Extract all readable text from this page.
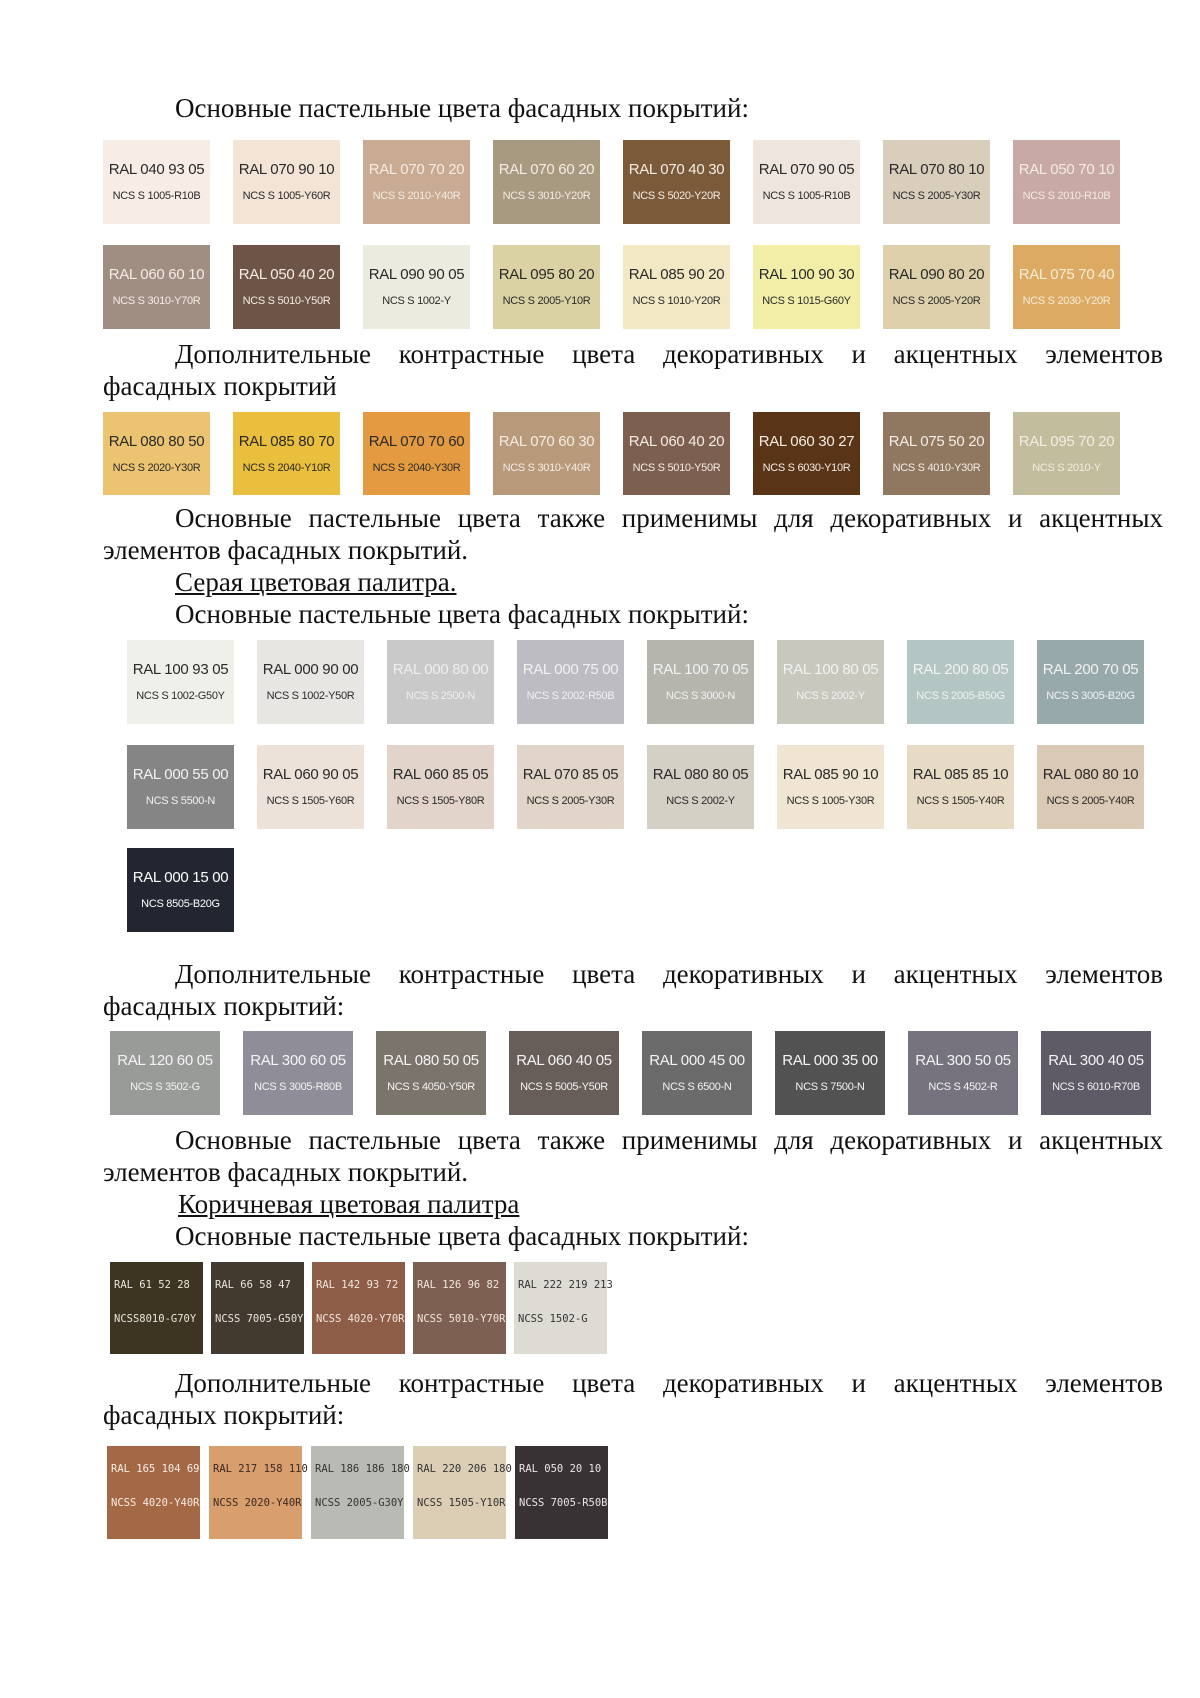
Основные пастельные цвета фасадных покрытий:

RAL 040 93 05
NCS S 1005-R10B
RAL 070 90 10
NCS S 1005-Y60R
RAL 070 70 20
NCS S 2010-Y40R
RAL 070 60 20
NCS S 3010-Y20R
RAL 070 40 30
NCS S 5020-Y20R
RAL 070 90 05
NCS S 1005-R10B
RAL 070 80 10
NCS S 2005-Y30R
RAL 050 70 10
NCS S 2010-R10B
RAL 060 60 10
NCS S 3010-Y70R
RAL 050 40 20
NCS S 5010-Y50R
RAL 090 90 05
NCS S 1002-Y
RAL 095 80 20
NCS S 2005-Y10R
RAL 085 90 20
NCS S 1010-Y20R
RAL 100 90 30
NCS S 1015-G60Y
RAL 090 80 20
NCS S 2005-Y20R
RAL 075 70 40
NCS S 2030-Y20R

Дополнительные контрастные цвета декоративных и акцентных элементов

фасадных покрытий

RAL 080 80 50
NCS S 2020-Y30R
RAL 085 80 70
NCS S 2040-Y10R
RAL 070 70 60
NCS S 2040-Y30R
RAL 070 60 30
NCS S 3010-Y40R
RAL 060 40 20
NCS S 5010-Y50R
RAL 060 30 27
NCS S 6030-Y10R
RAL 075 50 20
NCS S 4010-Y30R
RAL 095 70 20
NCS S 2010-Y

Основные пастельные цвета также применимы для декоративных и акцентных

элементов фасадных покрытий.

Серая цветовая палитра.

Основные пастельные цвета фасадных покрытий:

RAL 100 93 05
NCS S 1002-G50Y
RAL 000 90 00
NCS S 1002-Y50R
RAL 000 80 00
NCS S 2500-N
RAL 000 75 00
NCS S 2002-R50B
RAL 100 70 05
NCS S 3000-N
RAL 100 80 05
NCS S 2002-Y
RAL 200 80 05
NCS S 2005-B50G
RAL 200 70 05
NCS S 3005-B20G
RAL 000 55 00
NCS S 5500-N
RAL 060 90 05
NCS S 1505-Y60R
RAL 060 85 05
NCS S 1505-Y80R
RAL 070 85 05
NCS S 2005-Y30R
RAL 080 80 05
NCS S 2002-Y
RAL 085 90 10
NCS S 1005-Y30R
RAL 085 85 10
NCS S 1505-Y40R
RAL 080 80 10
NCS S 2005-Y40R
RAL 000 15 00
NCS 8505-B20G

Дополнительные контрастные цвета декоративных и акцентных элементов

фасадных покрытий:

RAL 120 60 05
NCS S 3502-G
RAL 300 60 05
NCS S 3005-R80B
RAL 080 50 05
NCS S 4050-Y50R
RAL 060 40 05
NCS S 5005-Y50R
RAL 000 45 00
NCS S 6500-N
RAL 000 35 00
NCS S 7500-N
RAL 300 50 05
NCS S 4502-R
RAL 300 40 05
NCS S 6010-R70B

Основные пастельные цвета также применимы для декоративных и акцентных

элементов фасадных покрытий.

Коричневая цветовая палитра

Основные пастельные цвета фасадных покрытий:

RAL 61 52 28
NCSS8010-G70Y
RAL 66 58 47
NCSS 7005-G50Y
RAL 142 93 72
NCSS 4020-Y70R
RAL 126 96 82
NCSS 5010-Y70R
RAL 222 219 213
NCSS 1502-G

Дополнительные контрастные цвета декоративных и акцентных элементов

фасадных покрытий:

RAL 165 104 69
NCSS 4020-Y40R
RAL 217 158 110
NCSS 2020-Y40R
RAL 186 186 180
NCSS 2005-G30Y
RAL 220 206 180
NCSS 1505-Y10R
RAL 050 20 10
NCSS 7005-R50B
